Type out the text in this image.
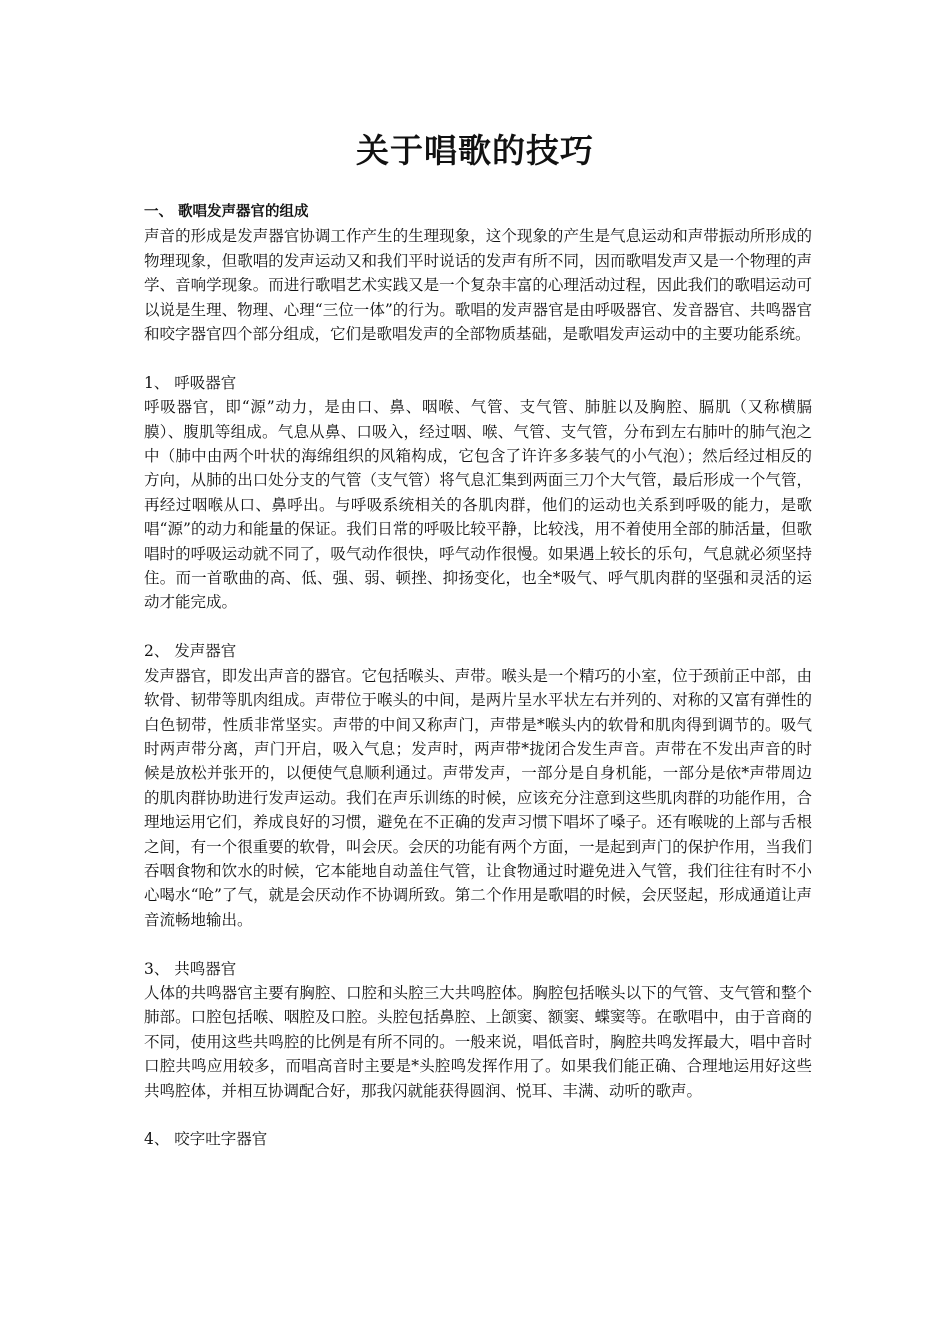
关于唱歌的技巧

一、 歌唱发声器官的组成

声音的形成是发声器官协调工作产生的生理现象，这个现象的产生是气息运动和声带振动所形成的物理现象，但歌唱的发声运动又和我们平时说话的发声有所不同，因而歌唱发声又是一个物理的声学、音响学现象。而进行歌唱艺术实践又是一个复杂丰富的心理活动过程，因此我们的歌唱运动可以说是生理、物理、心理“三位一体”的行为。歌唱的发声器官是由呼吸器官、发音器官、共鸣器官和咬字器官四个部分组成，它们是歌唱发声的全部物质基础，是歌唱发声运动中的主要功能系统。

1、 呼吸器官

呼吸器官，即“源”动力，是由口、鼻、咽喉、气管、支气管、肺脏以及胸腔、膈肌（又称横膈膜）、腹肌等组成。气息从鼻、口吸入，经过咽、喉、气管、支气管，分布到左右肺叶的肺气泡之中（肺中由两个叶状的海绵组织的风箱构成，它包含了许许多多装气的小气泡）；然后经过相反的方向，从肺的出口处分支的气管（支气管）将气息汇集到两面三刀个大气管，最后形成一个气管，再经过咽喉从口、鼻呼出。与呼吸系统相关的各肌肉群，他们的运动也关系到呼吸的能力，是歌唱“源”的动力和能量的保证。我们日常的呼吸比较平静，比较浅，用不着使用全部的肺活量，但歌唱时的呼吸运动就不同了，吸气动作很快，呼气动作很慢。如果遇上较长的乐句，气息就必须坚持住。而一首歌曲的高、低、强、弱、顿挫、抑扬变化，也全*吸气、呼气肌肉群的坚强和灵活的运动才能完成。

2、 发声器官

发声器官，即发出声音的器官。它包括喉头、声带。喉头是一个精巧的小室，位于颈前正中部，由软骨、韧带等肌肉组成。声带位于喉头的中间，是两片呈水平状左右并列的、对称的又富有弹性的白色韧带，性质非常坚实。声带的中间又称声门，声带是*喉头内的软骨和肌肉得到调节的。吸气时两声带分离，声门开启，吸入气息；发声时，两声带*拢闭合发生声音。声带在不发出声音的时候是放松并张开的，以便使气息顺利通过。声带发声，一部分是自身机能，一部分是依*声带周边的肌肉群协助进行发声运动。我们在声乐训练的时候，应该充分注意到这些肌肉群的功能作用，合理地运用它们，养成良好的习惯，避免在不正确的发声习惯下唱坏了嗓子。还有喉咙的上部与舌根之间，有一个很重要的软骨，叫会厌。会厌的功能有两个方面，一是起到声门的保护作用，当我们吞咽食物和饮水的时候，它本能地自动盖住气管，让食物通过时避免进入气管，我们往往有时不小心喝水“呛”了气，就是会厌动作不协调所致。第二个作用是歌唱的时候，会厌竖起，形成通道让声音流畅地输出。

3、 共鸣器官

人体的共鸣器官主要有胸腔、口腔和头腔三大共鸣腔体。胸腔包括喉头以下的气管、支气管和整个肺部。口腔包括喉、咽腔及口腔。头腔包括鼻腔、上颌窦、额窦、蝶窦等。在歌唱中，由于音商的不同，使用这些共鸣腔的比例是有所不同的。一般来说，唱低音时，胸腔共鸣发挥最大，唱中音时口腔共鸣应用较多，而唱高音时主要是*头腔鸣发挥作用了。如果我们能正确、合理地运用好这些共鸣腔体，并相互协调配合好，那我闪就能获得圆润、悦耳、丰满、动听的歌声。

4、 咬字吐字器官
